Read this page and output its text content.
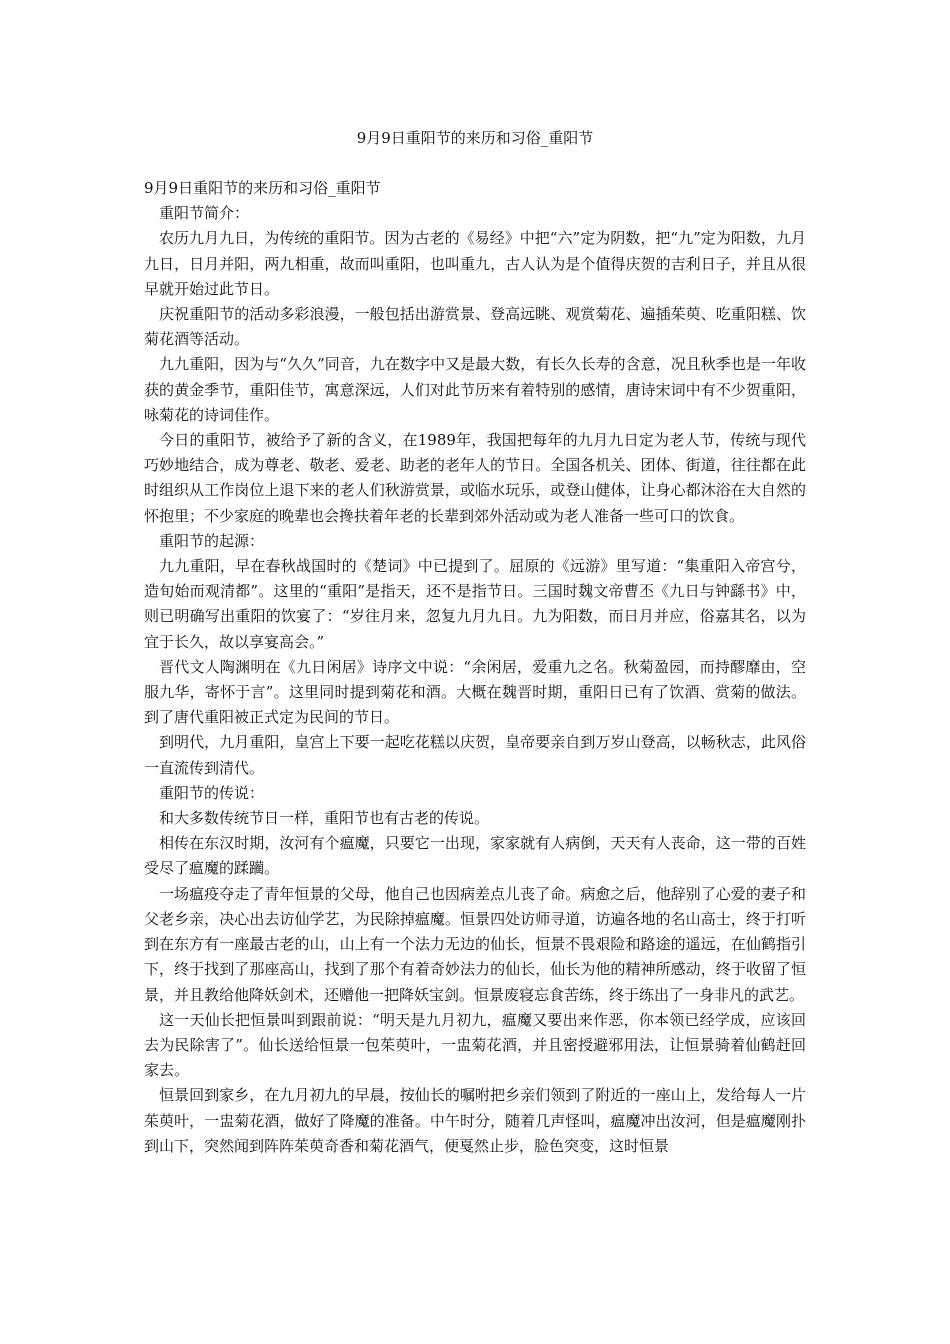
9月9日重阳节的来历和习俗_重阳节

9月9日重阳节的来历和习俗_重阳节

重阳节简介：

农历九月九日，为传统的重阳节。因为古老的《易经》中把“六”定为阴数，把“九”定为阳数，九月九日，日月并阳，两九相重，故而叫重阳，也叫重九，古人认为是个值得庆贺的吉利日子，并且从很早就开始过此节日。

庆祝重阳节的活动多彩浪漫，一般包括出游赏景、登高远眺、观赏菊花、遍插茱萸、吃重阳糕、饮菊花酒等活动。

九九重阳，因为与“久久”同音，九在数字中又是最大数，有长久长寿的含意，况且秋季也是一年收获的黄金季节，重阳佳节，寓意深远，人们对此节历来有着特别的感情，唐诗宋词中有不少贺重阳，咏菊花的诗词佳作。

今日的重阳节，被给予了新的含义，在1989年，我国把每年的九月九日定为老人节，传统与现代巧妙地结合，成为尊老、敬老、爱老、助老的老年人的节日。全国各机关、团体、街道，往往都在此时组织从工作岗位上退下来的老人们秋游赏景，或临水玩乐，或登山健体，让身心都沐浴在大自然的怀抱里；不少家庭的晚辈也会搀扶着年老的长辈到郊外活动或为老人准备一些可口的饮食。

重阳节的起源：

九九重阳，早在春秋战国时的《楚词》中已提到了。屈原的《远游》里写道：“集重阳入帝宫兮，造旬始而观清都”。这里的“重阳”是指天，还不是指节日。三国时魏文帝曹丕《九日与钟繇书》中，则已明确写出重阳的饮宴了：“岁往月来，忽复九月九日。九为阳数，而日月并应，俗嘉其名，以为宜于长久，故以享宴高会。”

晋代文人陶渊明在《九日闲居》诗序文中说：“余闲居，爱重九之名。秋菊盈园，而持醪靡由，空服九华，寄怀于言”。这里同时提到菊花和酒。大概在魏晋时期，重阳日已有了饮酒、赏菊的做法。到了唐代重阳被正式定为民间的节日。

到明代，九月重阳，皇宫上下要一起吃花糕以庆贺，皇帝要亲自到万岁山登高，以畅秋志，此风俗一直流传到清代。

重阳节的传说：

和大多数传统节日一样，重阳节也有古老的传说。

相传在东汉时期，汝河有个瘟魔，只要它一出现，家家就有人病倒，天天有人丧命，这一带的百姓受尽了瘟魔的蹂躏。

一场瘟疫夺走了青年恒景的父母，他自己也因病差点儿丧了命。病愈之后，他辞别了心爱的妻子和父老乡亲，决心出去访仙学艺，为民除掉瘟魔。恒景四处访师寻道，访遍各地的名山高士，终于打听到在东方有一座最古老的山，山上有一个法力无边的仙长，恒景不畏艰险和路途的遥远，在仙鹤指引下，终于找到了那座高山，找到了那个有着奇妙法力的仙长，仙长为他的精神所感动，终于收留了恒景，并且教给他降妖剑术，还赠他一把降妖宝剑。恒景废寝忘食苦练，终于练出了一身非凡的武艺。

这一天仙长把恒景叫到跟前说：“明天是九月初九，瘟魔又要出来作恶，你本领已经学成，应该回去为民除害了”。仙长送给恒景一包茱萸叶，一盅菊花酒，并且密授避邪用法，让恒景骑着仙鹤赶回家去。

恒景回到家乡，在九月初九的早晨，按仙长的嘱咐把乡亲们领到了附近的一座山上，发给每人一片茱萸叶，一盅菊花酒，做好了降魔的准备。中午时分，随着几声怪叫，瘟魔冲出汝河，但是瘟魔刚扑到山下，突然闻到阵阵茱萸奇香和菊花酒气，便戛然止步，脸色突变，这时恒景
